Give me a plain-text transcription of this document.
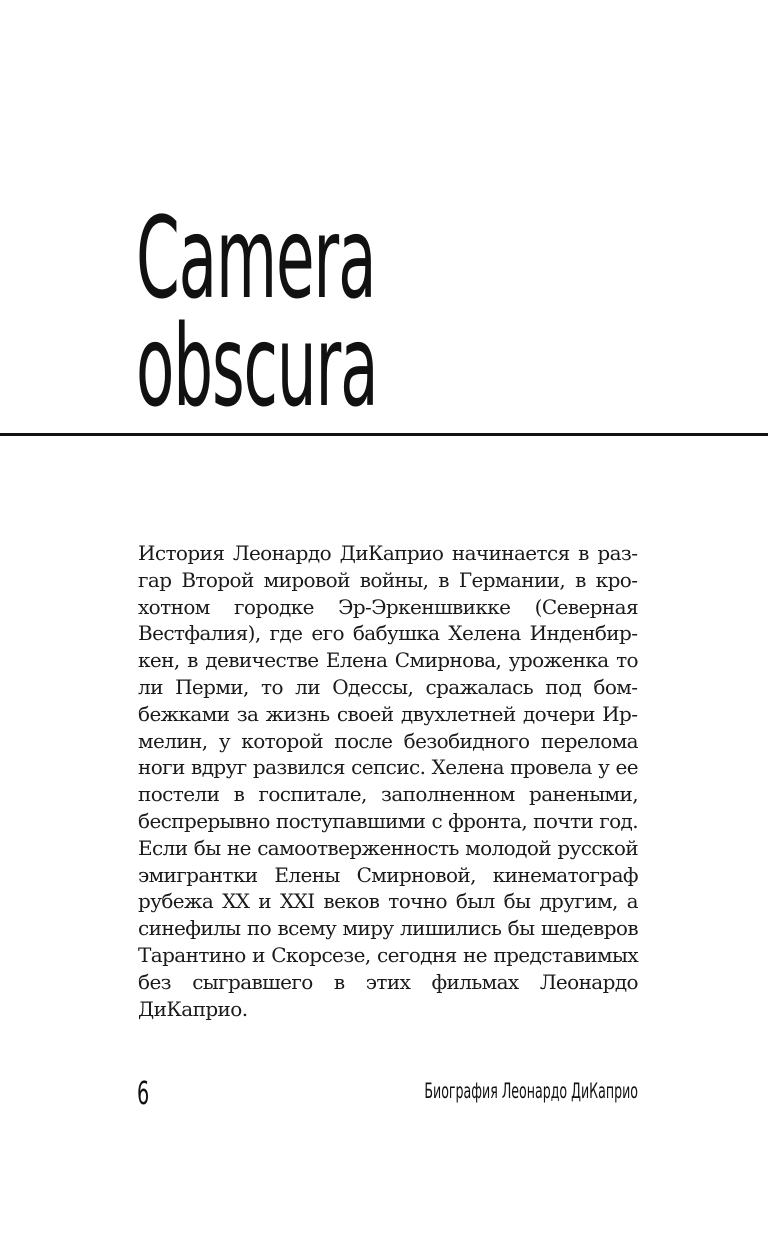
Camera
obscura

История Леонардо ДиКаприо начинается в разгар Второй мировой войны, в Германии, в крохотном городке Эр-Эркеншвикке (Северная Вестфалия), где его бабушка Хелена Инденбиркен, в девичестве Елена Смирнова, уроженка то ли Перми, то ли Одессы, сражалась под бомбежками за жизнь своей двухлетней дочери Ирмелин, у которой после безобидного перелома ноги вдруг развился сепсис. Хелена провела у ее постели в госпитале, заполненном ранеными, беспрерывно поступавшими с фронта, почти год. Если бы не самоотверженность молодой русской эмигрантки Елены Смирновой, кинематограф рубежа XX и XXI веков точно был бы другим, а синефилы по всему миру лишились бы шедевров Тарантино и Скорсезе, сегодня не представимых без сыгравшего в этих фильмах Леонардо ДиКаприо.

6	Биография Леонардо ДиКаприо
